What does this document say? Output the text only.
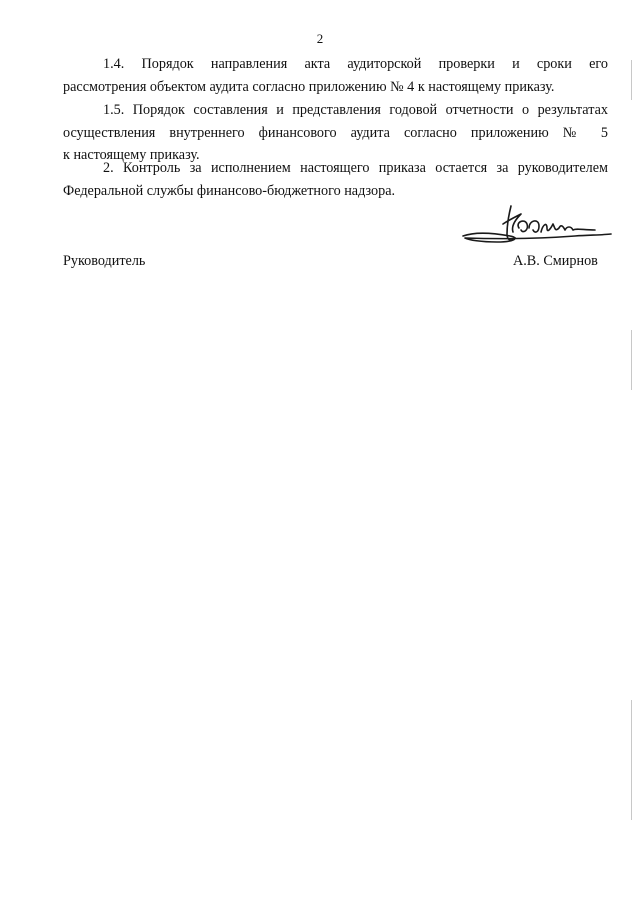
2
1.4. Порядок направления акта аудиторской проверки и сроки его
рассмотрения объектом аудита согласно приложению № 4 к настоящему приказу.
1.5. Порядок составления и представления годовой отчетности о результатах
осуществления внутреннего финансового аудита согласно приложению № 5
к настоящему приказу.
2. Контроль за исполнением настоящего приказа остается за руководителем
Федеральной службы финансово-бюджетного надзора.
Руководитель	А.В. Смирнов
